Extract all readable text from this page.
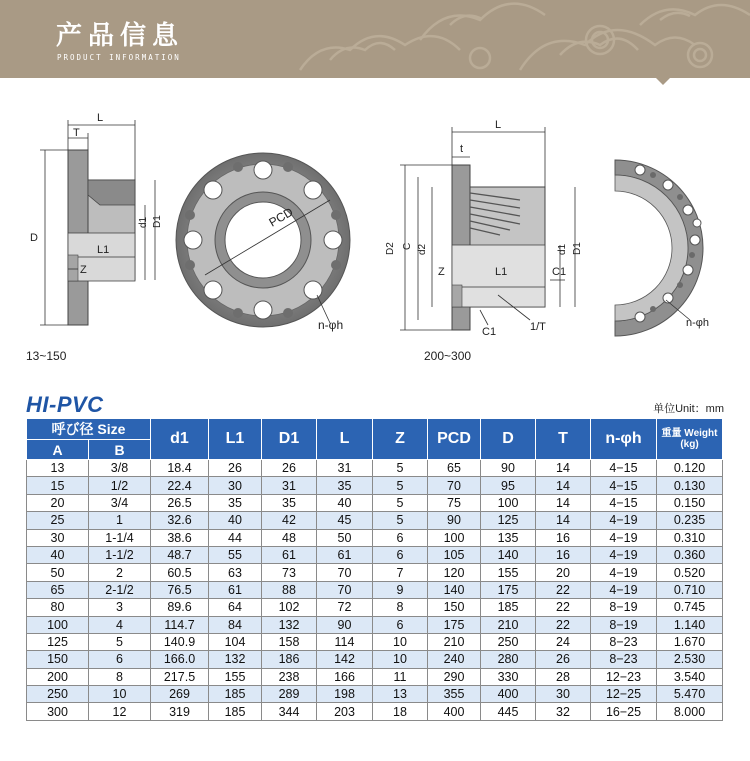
产品信息
PRODUCT INFORMATION
L
T
D
d1 D1
L1
Z
PCD
n-φh
t
L
D2 C d2	d1 D1
Z	L1	C1
C1	1/T	n-φh
13~150	200~300
HI-PVC	单位Unit：mm
呼び径 Size		d1	L1	D1	L	Z	PCD	D	T	n-φh	重量 Weight
(kg)
A	B										
13	3/8	18.4	26	26	31	5	65	90	14	4−15	0.120
15	1/2	22.4	30	31	35	5	70	95	14	4−15	0.130
20	3/4	26.5	35	35	40	5	75	100	14	4−15	0.150
25	1	32.6	40	42	45	5	90	125	14	4−19	0.235
30	1-1/4	38.6	44	48	50	6	100	135	16	4−19	0.310
40	1-1/2	48.7	55	61	61	6	105	140	16	4−19	0.360
50	2	60.5	63	73	70	7	120	155	20	4−19	0.520
65	2-1/2	76.5	61	88	70	9	140	175	22	4−19	0.710
80	3	89.6	64	102	72	8	150	185	22	8−19	0.745
100	4	114.7	84	132	90	6	175	210	22	8−19	1.140
125	5	140.9	104	158	114	10	210	250	24	8−23	1.670
150	6	166.0	132	186	142	10	240	280	26	8−23	2.530
200	8	217.5	155	238	166	11	290	330	28	12−23	3.540
250	10	269	185	289	198	13	355	400	30	12−25	5.470
300	12	319	185	344	203	18	400	445	32	16−25	8.000
